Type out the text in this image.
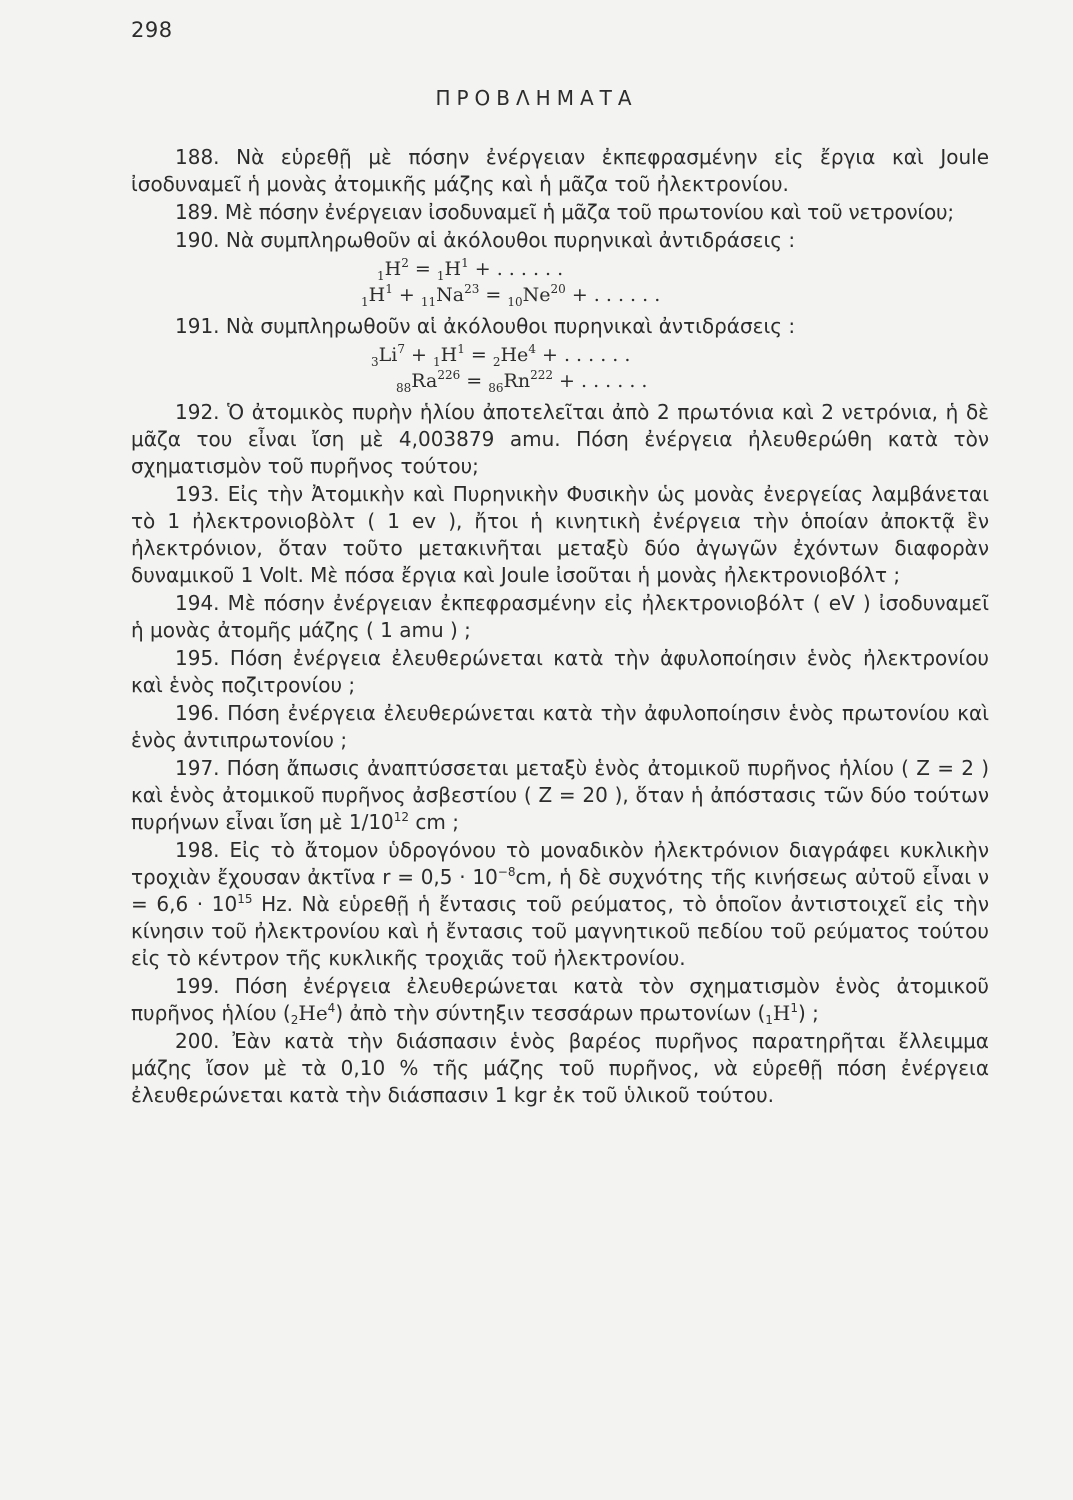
298
ΠΡΟΒΛΗΜΑΤΑ

188. Νὰ εὑρεθῇ μὲ πόσην ἐνέργειαν ἐκπεφρασμένην εἰς ἔργια καὶ Joule ἰσοδυναμεῖ ἡ μονὰς ἀτομικῆς μάζης καὶ ἡ μᾶζα τοῦ ἠλεκτρονίου.

189. Μὲ πόσην ἐνέργειαν ἰσοδυναμεῖ ἡ μᾶζα τοῦ πρωτονίου καὶ τοῦ νετρονίου;

190. Νὰ συμπληρωθοῦν αἱ ἀκόλουθοι πυρηνικαὶ ἀντιδράσεις :

$_1H^2 = _1H^1$ + . . . . . .
$_1H^1 + _{11}Na^{23} = _{10}Ne^{20}$ + . . . . . .

191. Νὰ συμπληρωθοῦν αἱ ἀκόλουθοι πυρηνικαὶ ἀντιδράσεις :

$_3Li^7 + _1H^1 = _2He^4$ + . . . . . .
$_{88}Ra^{226} = _{86}Rn^{222}$ + . . . . . .

192. Ὁ ἀτομικὸς πυρὴν ἡλίου ἀποτελεῖται ἀπὸ 2 πρωτόνια καὶ 2 νετρόνια, ἡ δὲ μᾶζα του εἶναι ἴση μὲ 4,003879 amu. Πόση ἐνέργεια ἠλευθερώθη κατὰ τὸν σχηματισμὸν τοῦ πυρῆνος τούτου;

193. Εἰς τὴν Ἀτομικὴν καὶ Πυρηνικὴν Φυσικὴν ὡς μονὰς ἐνεργείας λαμβάνεται τὸ 1 ἠλεκτρονιοβὸλτ ( 1 ev ), ἤτοι ἡ κινητικὴ ἐνέργεια τὴν ὁποίαν ἀποκτᾷ ἓν ἠλεκτρόνιον, ὅταν τοῦτο μετακινῆται μεταξὺ δύο ἀγωγῶν ἐχόντων διαφορὰν δυναμικοῦ 1 Volt. Μὲ πόσα ἔργια καὶ Joule ἰσοῦται ἡ μονὰς ἠλεκτρονιοβόλτ ;

194. Μὲ πόσην ἐνέργειαν ἐκπεφρασμένην εἰς ἠλεκτρονιοβόλτ ( eV ) ἰσοδυναμεῖ ἡ μονὰς ἀτομῆς μάζης ( 1 amu ) ;

195. Πόση ἐνέργεια ἐλευθερώνεται κατὰ τὴν ἀφυλοποίησιν ἑνὸς ἠλεκτρονίου καὶ ἑνὸς ποζιτρονίου ;

196. Πόση ἐνέργεια ἐλευθερώνεται κατὰ τὴν ἀφυλοποίησιν ἑνὸς πρωτονίου καὶ ἑνὸς ἀντιπρωτονίου ;

197. Πόση ἄπωσις ἀναπτύσσεται μεταξὺ ἑνὸς ἀτομικοῦ πυρῆνος ἡλίου ( Z = 2 ) καὶ ἑνὸς ἀτομικοῦ πυρῆνος ἀσβεστίου ( Z = 20 ), ὅταν ἡ ἀπόστασις τῶν δύο τούτων πυρήνων εἶναι ἴση μὲ $1/10^{12}$ cm ;

198. Εἰς τὸ ἄτομον ὑδρογόνου τὸ μοναδικὸν ἠλεκτρόνιον διαγράφει κυκλικὴν τροχιὰν ἔχουσαν ἀκτῖνα $r = 0,5 \cdot 10^{-8}cm$, ἡ δὲ συχνότης τῆς κινήσεως αὐτοῦ εἶναι $\nu = 6,6 \cdot 10^{15}$ Hz. Νὰ εὑρεθῇ ἡ ἔντασις τοῦ ρεύματος, τὸ ὁποῖον ἀντιστοιχεῖ εἰς τὴν κίνησιν τοῦ ἠλεκτρονίου καὶ ἡ ἔντασις τοῦ μαγνητικοῦ πεδίου τοῦ ρεύματος τούτου εἰς τὸ κέντρον τῆς κυκλικῆς τροχιᾶς τοῦ ἠλεκτρονίου.

199. Πόση ἐνέργεια ἐλευθερώνεται κατὰ τὸν σχηματισμὸν ἑνὸς ἀτομικοῦ πυρῆνος ἡλίου $(_2He^4)$ ἀπὸ τὴν σύντηξιν τεσσάρων πρωτονίων $(_1H^1)$ ;

200. Ἐὰν κατὰ τὴν διάσπασιν ἑνὸς βαρέος πυρῆνος παρατηρῆται ἔλλειμμα μάζης ἴσον μὲ τὰ 0,10 % τῆς μάζης τοῦ πυρῆνος, νὰ εὑρεθῇ πόση ἐνέργεια ἐλευθερώνεται κατὰ τὴν διάσπασιν 1 kgr ἐκ τοῦ ὑλικοῦ τούτου.
